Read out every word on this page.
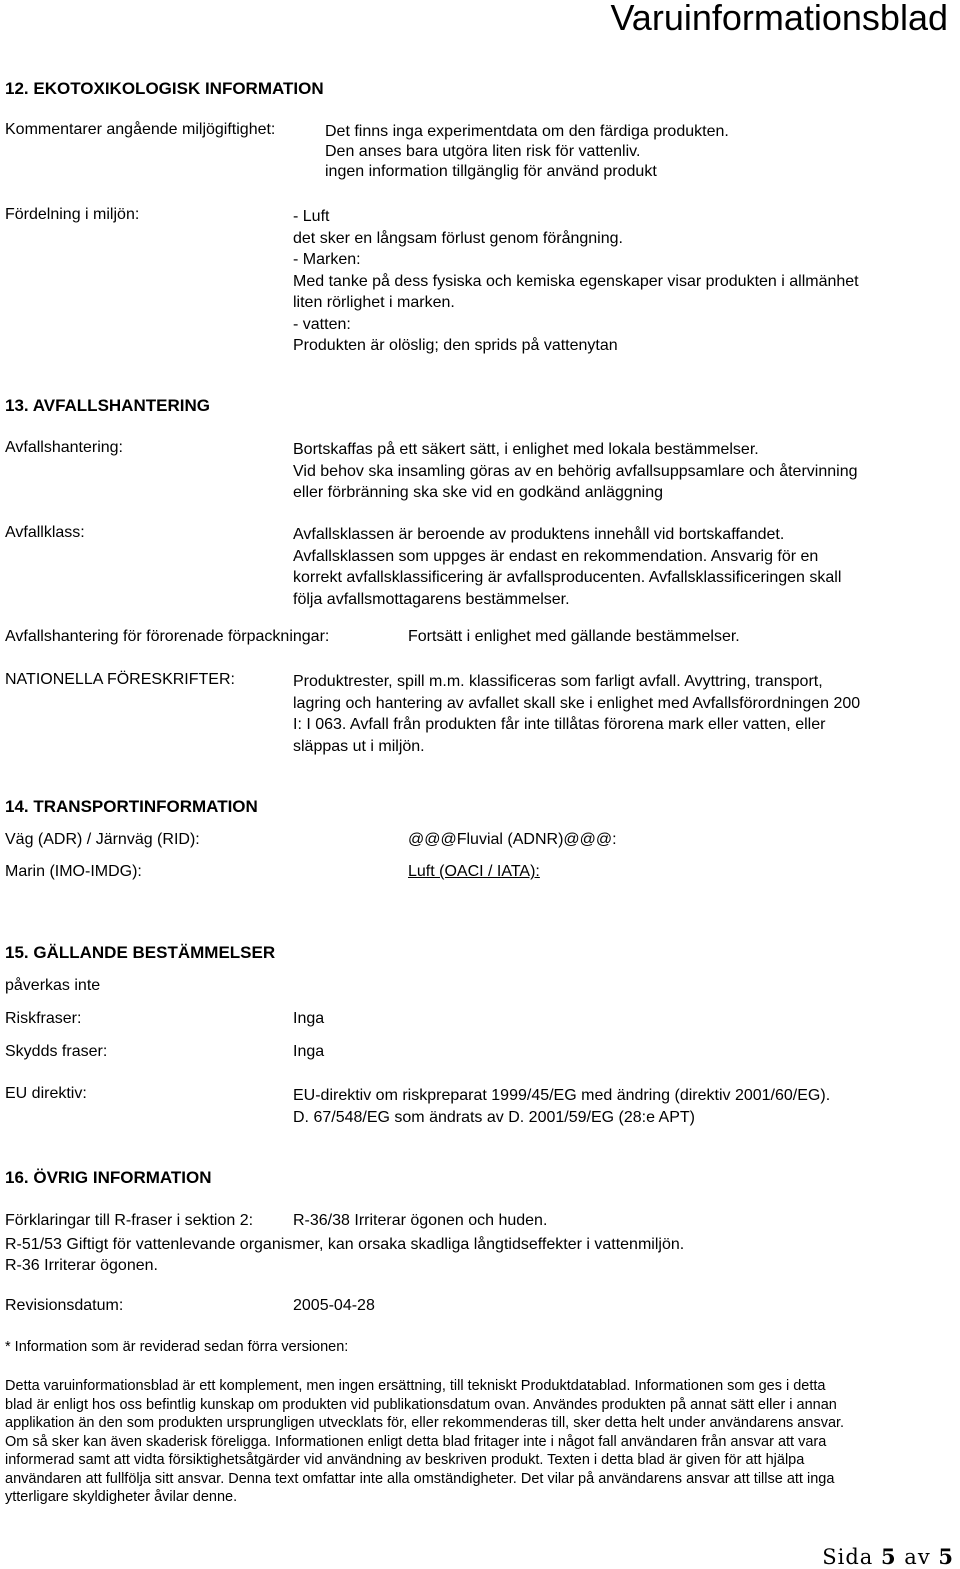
Varuinformationsblad
12. EKOTOXIKOLOGISK INFORMATION
Kommentarer angående miljögiftighet:	Det finns inga experimentdata om den färdiga produkten.
Den anses bara utgöra liten risk för vattenliv.
ingen information tillgänglig för använd produkt
Fördelning i miljön:	- Luft
det sker en långsam förlust genom förångning.
- Marken:
Med tanke på dess fysiska och kemiska egenskaper visar produkten i allmänhet
liten rörlighet i marken.
- vatten:
Produkten är olöslig; den sprids på vattenytan
13. AVFALLSHANTERING
Avfallshantering:	Bortskaffas på ett säkert sätt, i enlighet med lokala bestämmelser.
Vid behov ska insamling göras av en behörig avfallsuppsamlare och återvinning
eller förbränning ska ske vid en godkänd anläggning
Avfallklass:	Avfallsklassen är beroende av produktens innehåll vid bortskaffandet.
Avfallsklassen som uppges är endast en rekommendation. Ansvarig för en
korrekt avfallsklassificering är avfallsproducenten. Avfallsklassificeringen skall
följa avfallsmottagarens bestämmelser.
Avfallshantering för förorenade förpackningar:	Fortsätt i enlighet med gällande bestämmelser.
NATIONELLA FÖRESKRIFTER:	Produktrester, spill m.m. klassificeras som farligt avfall. Avyttring, transport,
lagring och hantering av avfallet skall ske i enlighet med Avfallsförordningen 200
I: I 063. Avfall från produkten får inte tillåtas förorena mark eller vatten, eller
släppas ut i miljön.
14. TRANSPORTINFORMATION
Väg (ADR) / Järnväg (RID):	@@@Fluvial (ADNR)@@@:
Marin (IMO-IMDG):	Luft (OACI / IATA):
15. GÄLLANDE BESTÄMMELSER
påverkas inte
Riskfraser:	Inga
Skydds fraser:	Inga
EU direktiv:	EU-direktiv om riskpreparat 1999/45/EG med ändring (direktiv 2001/60/EG).
D. 67/548/EG som ändrats av D. 2001/59/EG (28:e APT)
16. ÖVRIG INFORMATION
Förklaringar till R-fraser i sektion 2: R-36/38 Irriterar ögonen och huden.
R-51/53 Giftigt för vattenlevande organismer, kan orsaka skadliga långtidseffekter i vattenmiljön.
R-36 Irriterar ögonen.
Revisionsdatum:	2005-04-28
* Information som är reviderad sedan förra versionen:
Detta varuinformationsblad är ett komplement, men ingen ersättning, till tekniskt Produktdatablad. Informationen som ges i detta
blad är enligt hos oss befintlig kunskap om produkten vid publikationsdatum ovan. Användes produkten på annat sätt eller i annan
applikation än den som produkten ursprungligen utvecklats för, eller rekommenderas till, sker detta helt under användarens ansvar.
Om så sker kan även skaderisk föreligga. Informationen enligt detta blad fritager inte i något fall användaren från ansvar att vara
informerad samt att vidta försiktighetsåtgärder vid användning av beskriven produkt. Texten i detta blad är given för att hjälpa
användaren att fullfölja sitt ansvar. Denna text omfattar inte alla omständigheter. Det vilar på användarens ansvar att tillse att inga
ytterligare skyldigheter åvilar denne.
Sida 5 av 5
